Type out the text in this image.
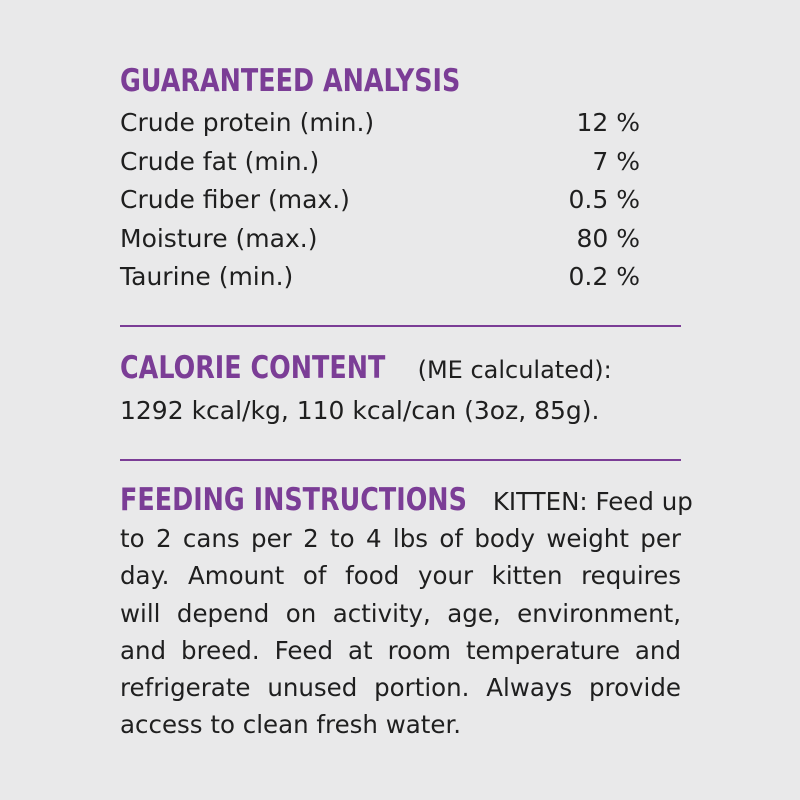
GUARANTEED ANALYSIS
Crude protein (min.)	12 %
Crude fat (min.)	7 %
Crude fiber (max.)	0.5 %
Moisture (max.)	80 %
Taurine (min.)	0.2 %
CALORIE CONTENT (ME calculated):
1292 kcal/kg, 110 kcal/can (3oz, 85g).
FEEDING INSTRUCTIONS KITTEN: Feed up
to 2 cans per 2 to 4 lbs of body weight per
day. Amount of food your kitten requires
will depend on activity, age, environment,
and breed. Feed at room temperature and
refrigerate unused portion. Always provide
access to clean fresh water.
